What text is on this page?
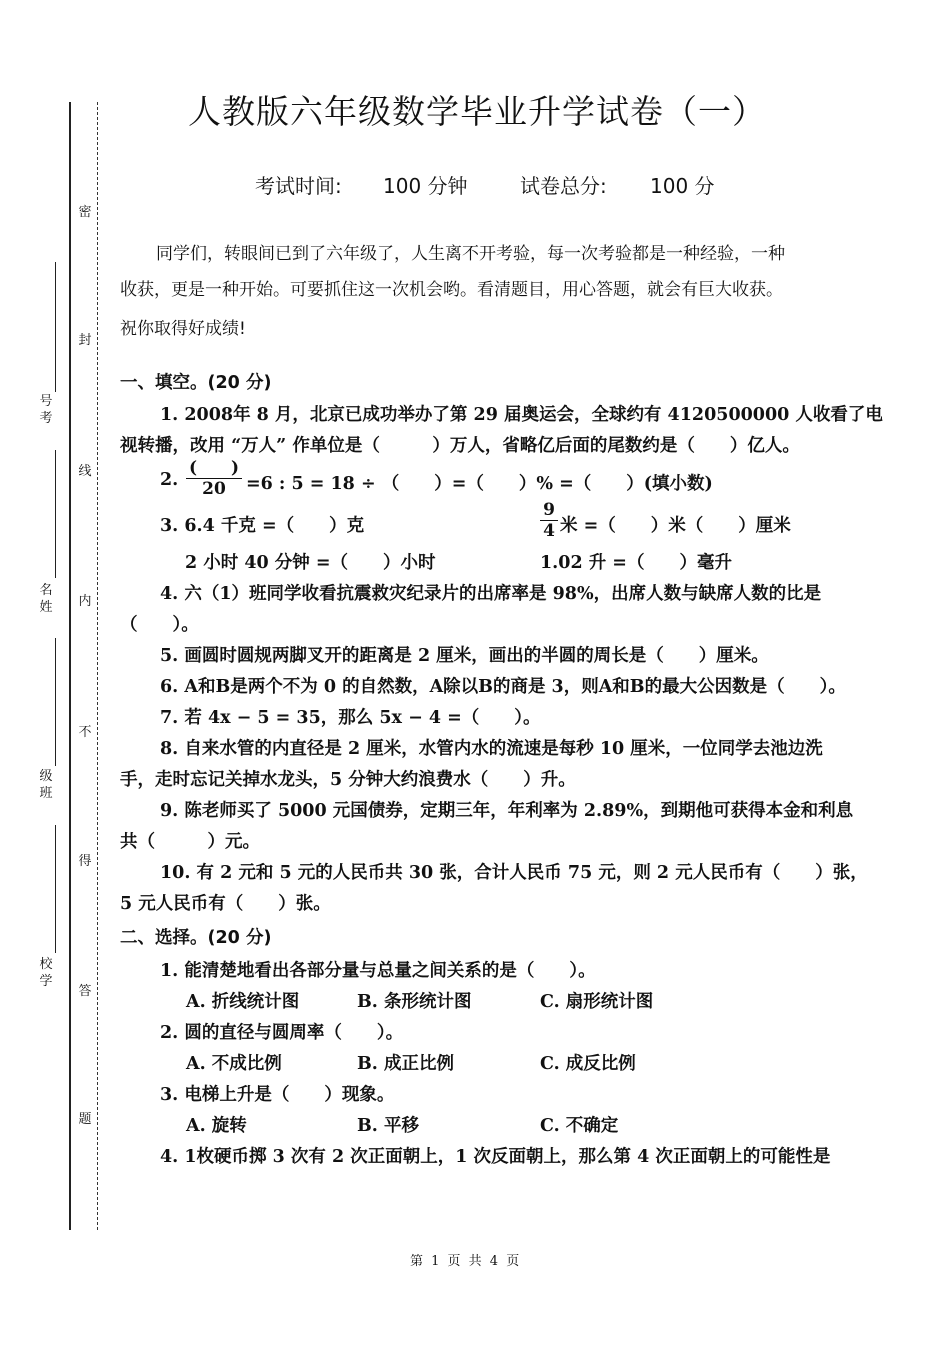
密
封
线
内
不
得
答
题
号考
名姓
级班
校学
人教版六年级数学毕业升学试卷（一）
考试时间: 100 分钟	试卷总分: 100 分
同学们，转眼间已到了六年级了，人生离不开考验，每一次考验都是一种经验，一种
收获，更是一种开始。可要抓住这一次机会哟。看清题目，用心答题，就会有巨大收获。
祝你取得好成绩!
一、填空。(20 分)
1. 2008年 8 月，北京已成功举办了第 29 届奥运会，全球约有 4120500000 人收看了电
视转播，改用 “万人” 作单位是（　　　）万人，省略亿后面的尾数约是（　　）亿人。
2.
(　　)
20	=6 : 5 = 18 ÷ （　　）=（　　）% =（　　）(填小数)
3. 6.4 千克 =（　　）克	$\frac{9}{4}$ 米 =（　　）米（　　）厘米
2 小时 40 分钟 =（　　）小时	1.02 升 =（　　）毫升
4. 六（1）班同学收看抗震救灾纪录片的出席率是 98%，出席人数与缺席人数的比是
（　　）。
5. 画圆时圆规两脚叉开的距离是 2 厘米，画出的半圆的周长是（　　）厘米。
6. A和B是两个不为 0 的自然数，A除以B的商是 3，则A和B的最大公因数是（　　）。
7. 若 4x − 5 = 35，那么 5x − 4 =（　　）。
8. 自来水管的内直径是 2 厘米，水管内水的流速是每秒 10 厘米，一位同学去池边洗
手，走时忘记关掉水龙头，5 分钟大约浪费水（　　）升。
9. 陈老师买了 5000 元国债券，定期三年，年利率为 2.89%，到期他可获得本金和利息
共（　　　）元。
10. 有 2 元和 5 元的人民币共 30 张，合计人民币 75 元，则 2 元人民币有（　　）张，
5 元人民币有（　　）张。
二、选择。(20 分)
1. 能清楚地看出各部分量与总量之间关系的是（　　）。
A. 折线统计图	B. 条形统计图	C. 扇形统计图
2. 圆的直径与圆周率（　　）。
A. 不成比例	B. 成正比例	C. 成反比例
3. 电梯上升是（　　）现象。
A. 旋转	B. 平移	C. 不确定
4. 1枚硬币掷 3 次有 2 次正面朝上，1 次反面朝上，那么第 4 次正面朝上的可能性是
第 1 页 共 4 页
